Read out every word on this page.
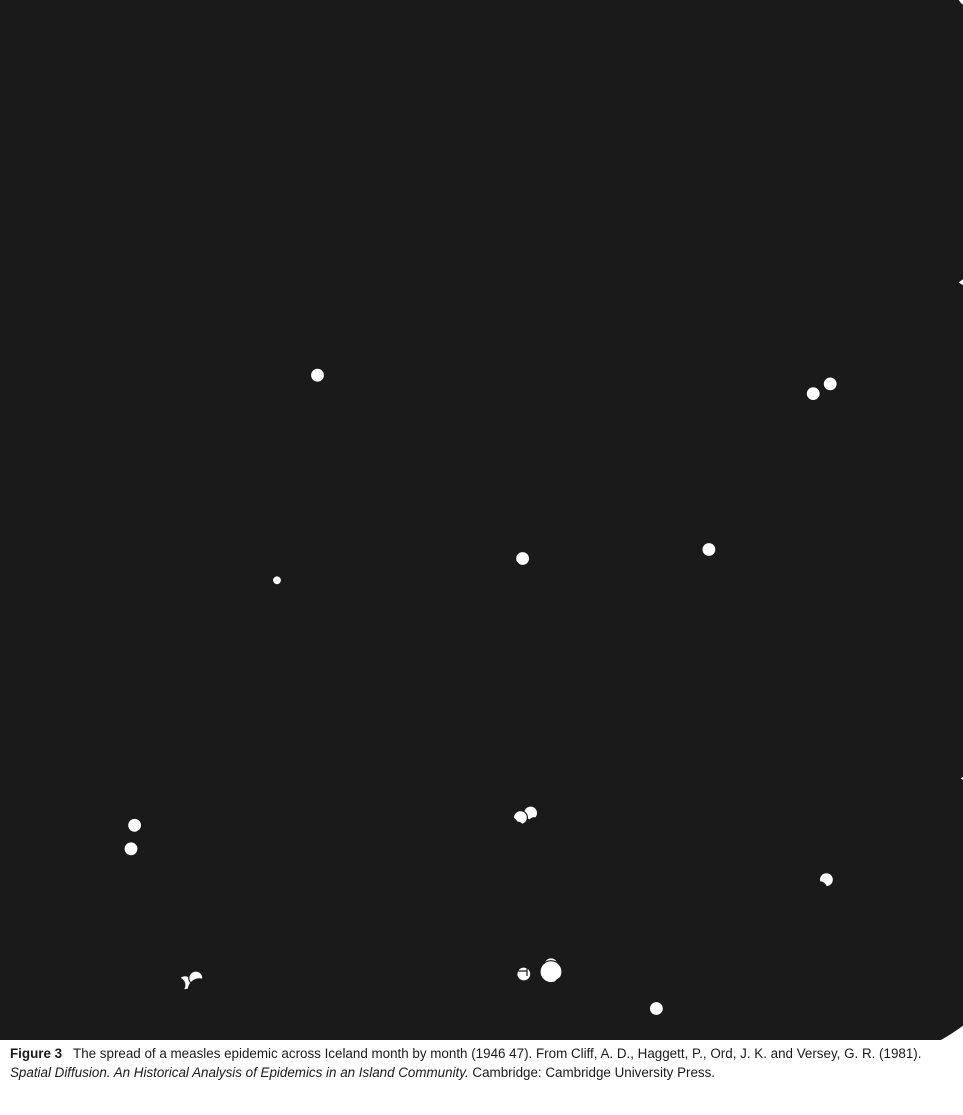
Akureyrar
June
1946
1947
1–2	3–20	21–200	201+
100 miles
160 kilometres
Figure 3 The spread of a measles epidemic across Iceland month by month (1946 47). From Cliff, A. D., Haggett, P., Ord, J. K. and Versey, G. R. (1981). Spatial Diffusion. An Historical Analysis of Epidemics in an Island Community. Cambridge: Cambridge University Press.
